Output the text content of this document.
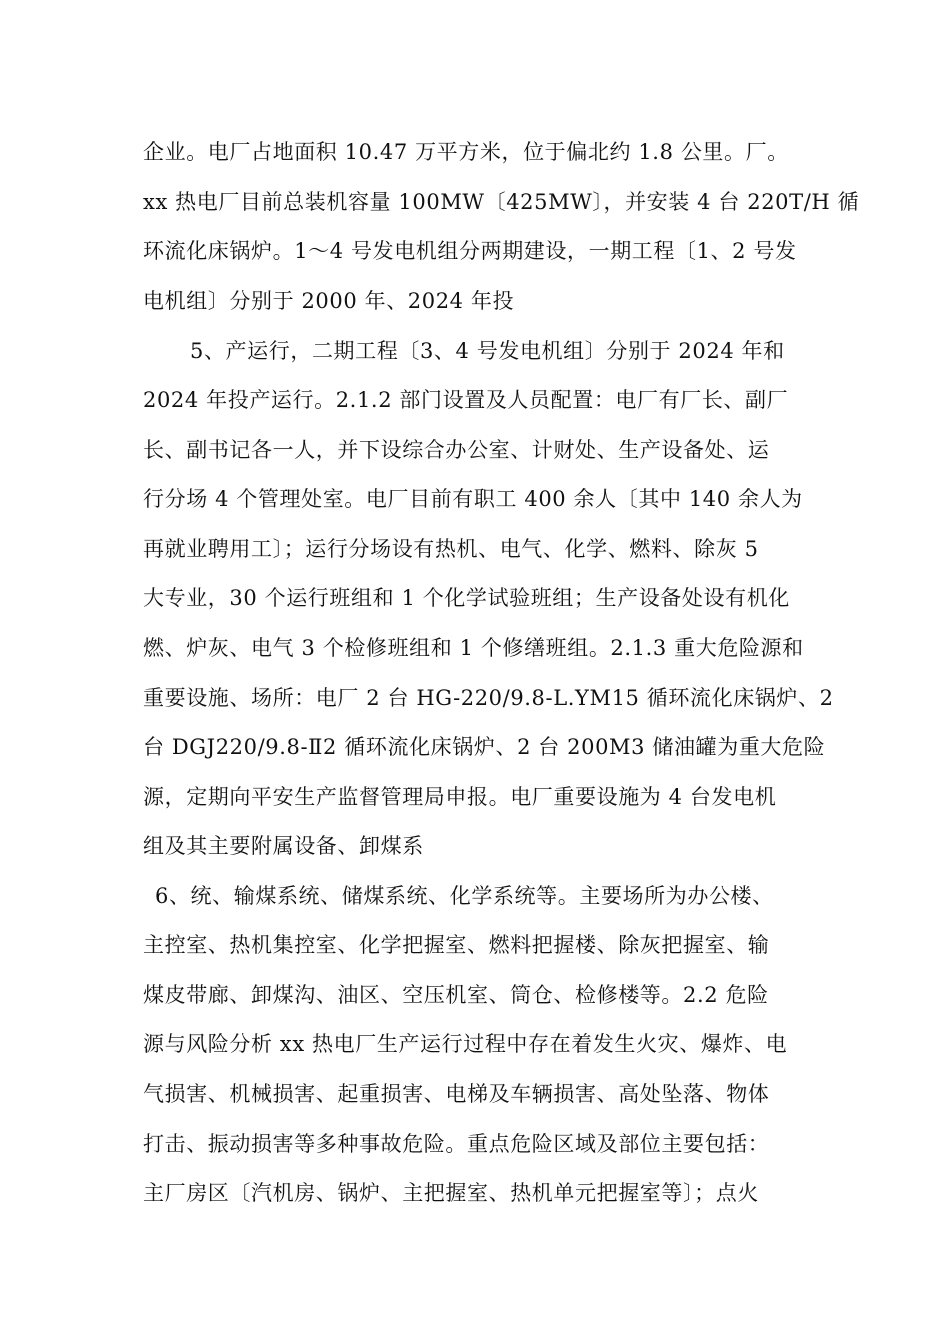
企业。电厂占地面积 10.47 万平方米，位于偏北约 1.8 公里。厂。
xx 热电厂目前总装机容量 100MW〔425MW〕，并安装 4 台 220T/H 循
环流化床锅炉。1～4 号发电机组分两期建设，一期工程〔1、2 号发
电机组〕分别于 2000 年、2024 年投
5、产运行，二期工程〔3、4 号发电机组〕分别于 2024 年和
2024 年投产运行。2.1.2 部门设置及人员配置：电厂有厂长、副厂
长、副书记各一人，并下设综合办公室、计财处、生产设备处、运
行分场 4 个管理处室。电厂目前有职工 400 余人〔其中 140 余人为
再就业聘用工〕；运行分场设有热机、电气、化学、燃料、除灰 5
大专业，30 个运行班组和 1 个化学试验班组；生产设备处设有机化
燃、炉灰、电气 3 个检修班组和 1 个修缮班组。2.1.3 重大危险源和
重要设施、场所：电厂 2 台 HG-220/9.8-L.YM15 循环流化床锅炉、2
台 DGJ220/9.8-Ⅱ2 循环流化床锅炉、2 台 200M3 储油罐为重大危险
源，定期向平安生产监督管理局申报。电厂重要设施为 4 台发电机
组及其主要附属设备、卸煤系
6、统、输煤系统、储煤系统、化学系统等。主要场所为办公楼、
主控室、热机集控室、化学把握室、燃料把握楼、除灰把握室、输
煤皮带廊、卸煤沟、油区、空压机室、筒仓、检修楼等。2.2 危险
源与风险分析 xx 热电厂生产运行过程中存在着发生火灾、爆炸、电
气损害、机械损害、起重损害、电梯及车辆损害、高处坠落、物体
打击、振动损害等多种事故危险。重点危险区域及部位主要包括：
主厂房区〔汽机房、锅炉、主把握室、热机单元把握室等〕；点火
